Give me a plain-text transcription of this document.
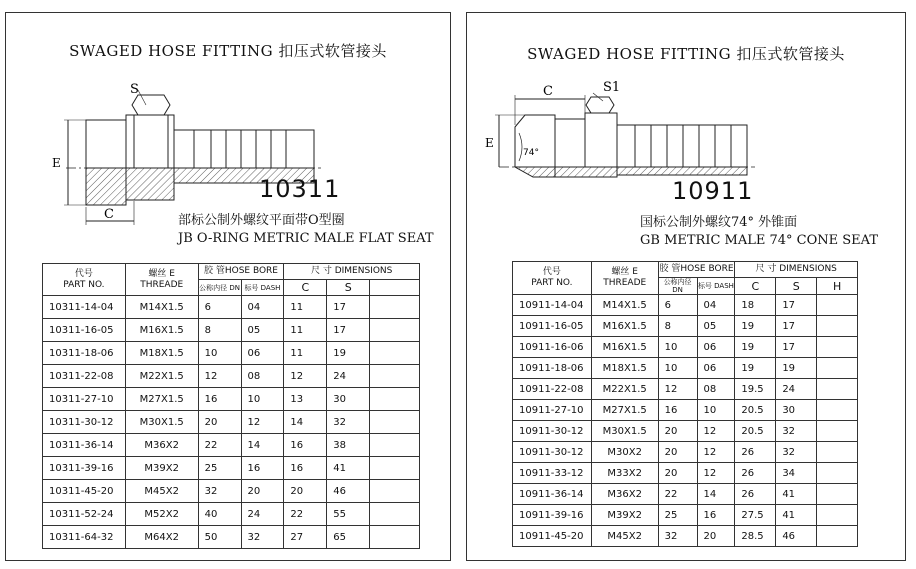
SWAGED HOSE FITTING 扣压式软管接头
S
E
C
10311
部标公制外螺纹平面带O型圈
JB O-RING METRIC MALE FLAT SEAT
代号
PART NO.	螺丝 E
THREADE	胶 管HOSE BORE		尺 寸 DIMENSIONS		
		公称内径 DN	标号 DASH	C	S	
10311-14-04	M14X1.5	6	04	11	17	
10311-16-05	M16X1.5	8	05	11	17	
10311-18-06	M18X1.5	10	06	11	19	
10311-22-08	M22X1.5	12	08	12	24	
10311-27-10	M27X1.5	16	10	13	30	
10311-30-12	M30X1.5	20	12	14	32	
10311-36-14	M36X2	22	14	16	38	
10311-39-16	M39X2	25	16	16	41	
10311-45-20	M45X2	32	20	20	46	
10311-52-24	M52X2	40	24	22	55	
10311-64-32	M64X2	50	32	27	65	
SWAGED HOSE FITTING 扣压式软管接头
C	S1
E
74°
10911
国标公制外螺纹74° 外锥面
GB METRIC MALE 74° CONE SEAT
代号
PART NO.	螺丝 E
THREADE	胶 管HOSE BORE		尺 寸 DIMENSIONS		
		公称内径 DN	标号 DASH	C	S	H
10911-14-04	M14X1.5	6	04	18	17	
10911-16-05	M16X1.5	8	05	19	17	
10911-16-06	M16X1.5	10	06	19	17	
10911-18-06	M18X1.5	10	06	19	19	
10911-22-08	M22X1.5	12	08	19.5	24	
10911-27-10	M27X1.5	16	10	20.5	30	
10911-30-12	M30X1.5	20	12	20.5	32	
10911-30-12	M30X2	20	12	26	32	
10911-33-12	M33X2	20	12	26	34	
10911-36-14	M36X2	22	14	26	41	
10911-39-16	M39X2	25	16	27.5	41	
10911-45-20	M45X2	32	20	28.5	46	
